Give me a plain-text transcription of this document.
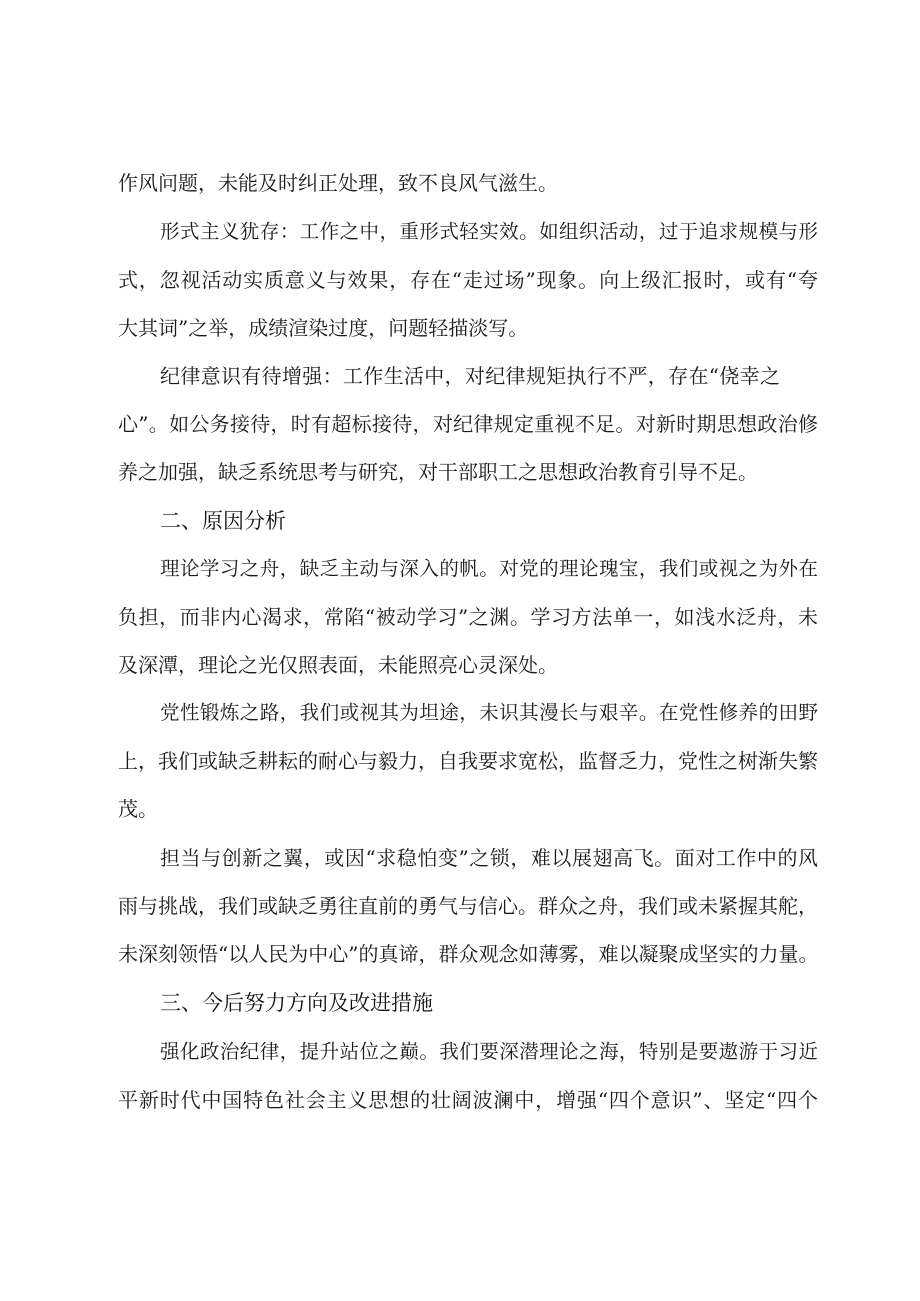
作风问题，未能及时纠正处理，致不良风气滋生。
形式主义犹存：工作之中，重形式轻实效。如组织活动，过于追求规模与形
式，忽视活动实质意义与效果，存在“走过场”现象。向上级汇报时，或有“夸
大其词”之举，成绩渲染过度，问题轻描淡写。
纪律意识有待增强：工作生活中，对纪律规矩执行不严，存在“侥幸之
心”。如公务接待，时有超标接待，对纪律规定重视不足。对新时期思想政治修
养之加强，缺乏系统思考与研究，对干部职工之思想政治教育引导不足。
二、原因分析
理论学习之舟，缺乏主动与深入的帆。对党的理论瑰宝，我们或视之为外在
负担，而非内心渴求，常陷“被动学习”之渊。学习方法单一，如浅水泛舟，未
及深潭，理论之光仅照表面，未能照亮心灵深处。
党性锻炼之路，我们或视其为坦途，未识其漫长与艰辛。在党性修养的田野
上，我们或缺乏耕耘的耐心与毅力，自我要求宽松，监督乏力，党性之树渐失繁
茂。
担当与创新之翼，或因“求稳怕变”之锁，难以展翅高飞。面对工作中的风
雨与挑战，我们或缺乏勇往直前的勇气与信心。群众之舟，我们或未紧握其舵，
未深刻领悟“以人民为中心”的真谛，群众观念如薄雾，难以凝聚成坚实的力量。
三、今后努力方向及改进措施
强化政治纪律，提升站位之巅。我们要深潜理论之海，特别是要遨游于习近
平新时代中国特色社会主义思想的壮阔波澜中，增强“四个意识”、坚定“四个
